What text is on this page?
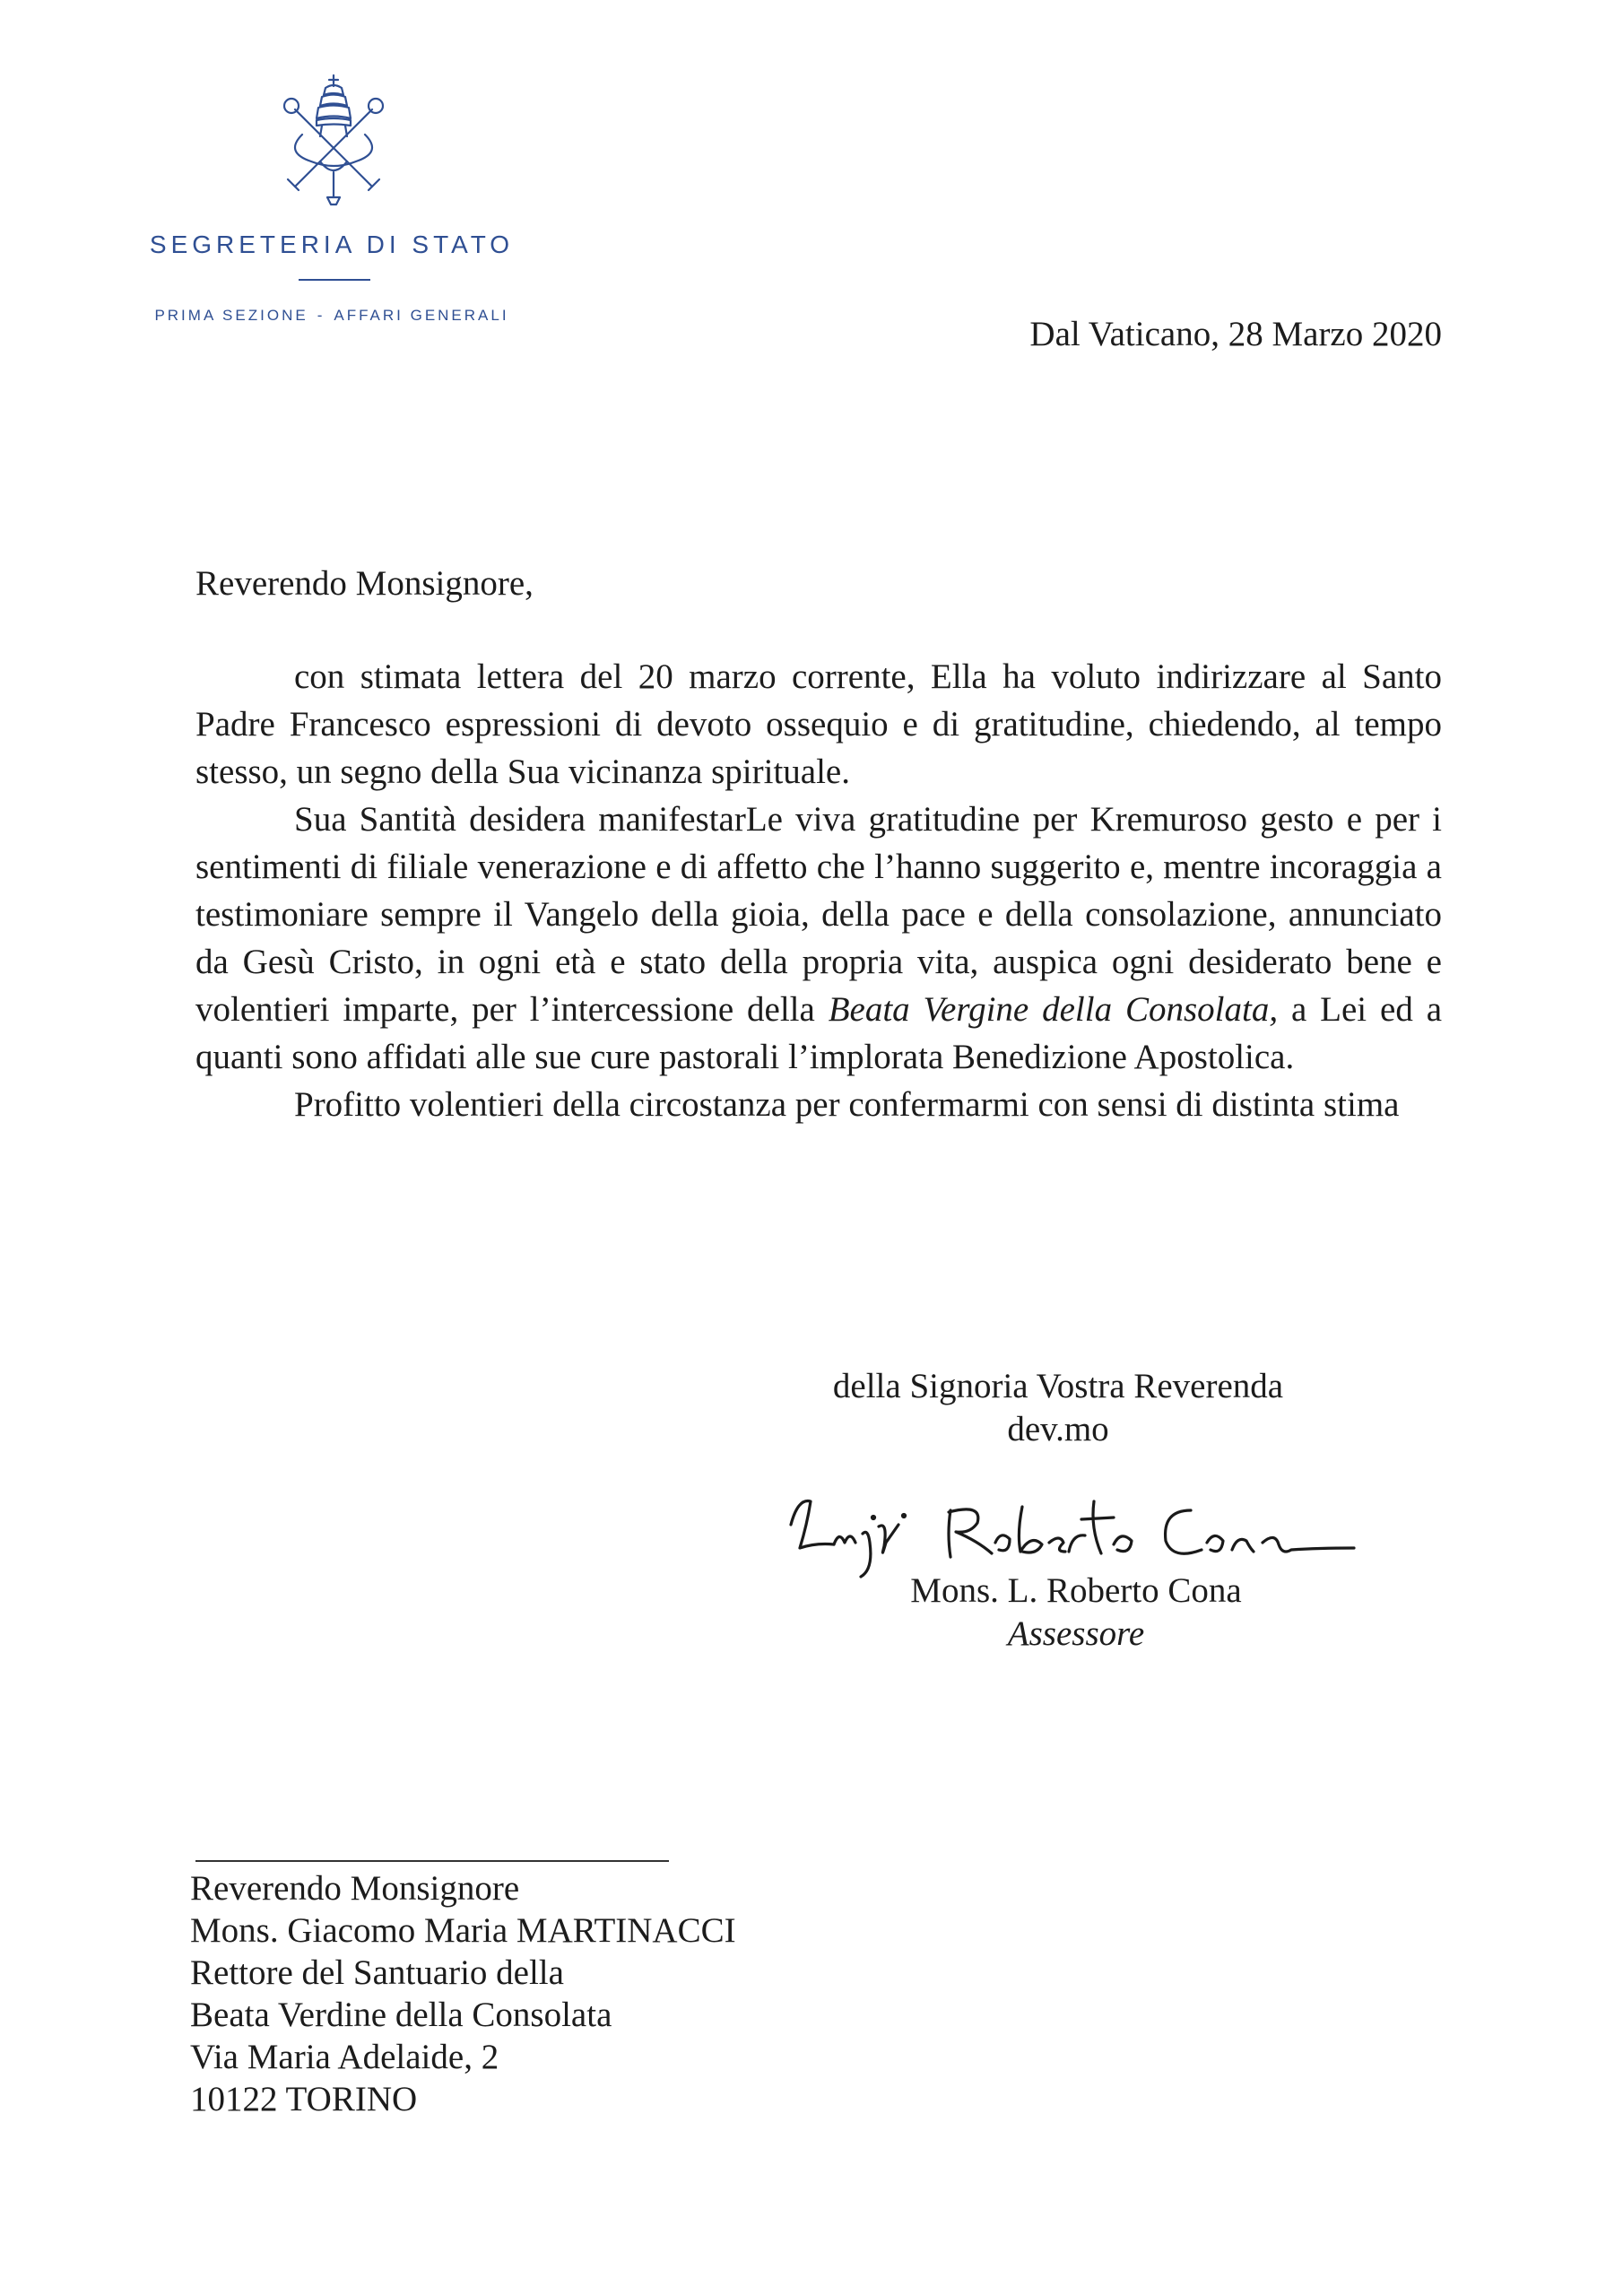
SEGRETERIA DI STATO
PRIMA SEZIONE - AFFARI GENERALI	Dal Vaticano, 28 Marzo 2020
Reverendo Monsignore,

con stimata lettera del 20 marzo corrente, Ella ha voluto indirizzare al Santo Padre Francesco espressioni di devoto ossequio e di gratitudine, chiedendo, al tempo stesso, un segno della Sua vicinanza spirituale.

Sua Santità desidera manifestarLe viva gratitudine per Kremuroso gesto e per i sentimenti di filiale venerazione e di affetto che l’hanno suggerito e, mentre incoraggia a testimoniare sempre il Vangelo della gioia, della pace e della consolazione, annunciato da Gesù Cristo, in ogni età e stato della propria vita, auspica ogni desiderato bene e volentieri imparte, per l’intercessione della Beata Vergine della Consolata, a Lei ed a quanti sono affidati alle sue cure pastorali l’implorata Benedizione Apostolica.

Profitto volentieri della circostanza per confermarmi con sensi di distinta stima

della Signoria Vostra Reverenda
dev.mo
Mons. L. Roberto Cona
Assessore
Reverendo Monsignore
Mons. Giacomo Maria MARTINACCI
Rettore del Santuario della
Beata Verdine della Consolata
Via Maria Adelaide, 2
10122 TORINO
